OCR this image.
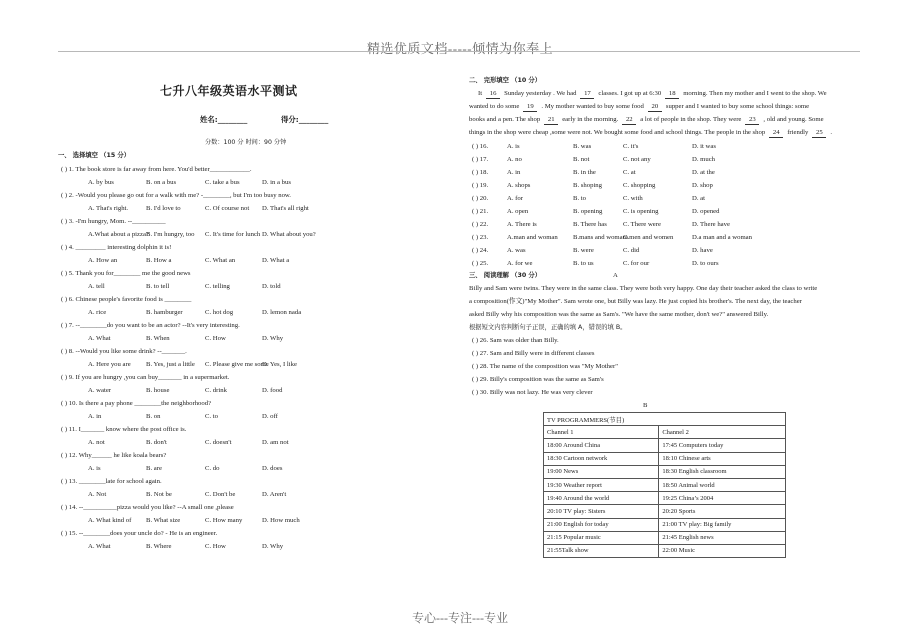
精选优质文档-----倾情为你奉上
七升八年级英语水平测试
姓名:________	得分:________
分数：100 分 时间：90 分钟
一、 选择填空 （15 分）
( ) 1. The book store is far away from here. You'd better____________.
A. by bus	B. on a bus	C. take a bus	D. in a bus
( ) 2. -Would you please go out for a walk with me? -________, but I'm too busy now.
A. That's right.	B. I'd love to	C. Of course not D. That's all right
( ) 3. -I'm hungry, Mom. --__________
A.What about a pizza?
B. I'm hungry, too C. It's time for lunch D. What about you?
( ) 4. _________ interesting dolphin it is!
A. How an	B. How a	C. What an	D. What a
( ) 5. Thank you for________ me the good news
A. tell	B. to tell	C. telling	D. told
( ) 6. Chinese people's favorite food is ________
A. rice	B. hamburger	C. hot dog	D. lemon nada
( ) 7. --________do you want to be an actor? --It's very interesting.
A. What	B. When	C. How	D. Why
( ) 8. --Would you like some drink? --_______.
A. Here you are B. Yes, just a little C. Please give me some
D. Yes, I like
( ) 9. If you are hungry ,you can buy_______ in a supermarket.
A. water	B. house	C. drink	D. food
( ) 10. Is there a pay phone ________the neighborhood?
A. in	B. on	C. to	D. off
( ) 11. I_______ know where the post office is.
A. not	B. don't	C. doesn't	D. am not
( ) 12. Why______ he like koala bears?
A. is	B. are	C. do	D. does
( ) 13. ________late for school again.
A. Not	B. Not be	C. Don't be	D. Aren't
( ) 14. --__________pizza would you like? --A small one ,please
A. What kind of B. What size	C. How many	D. How much
( ) 15. --________does your uncle do? - He is an engineer.
A. What	B. Where	C. How	D. Why
二、 完形填空 （10 分）
It 16 Sunday yesterday . We had 17 classes. I got up at 6:30 18 morning. Then my mother and I went to the shop. We
wanted to do some 19 . My mother wanted to buy some food 20 supper and I wanted to buy some school things: some
books and a pen. The shop 21 early in the morning. 22 a lot of people in the shop. They were 23 , old and young. Some
things in the shop were cheap ,some were not. We bought some food and school things. The people in the shop 24 friendly 25 .
( ) 16.	A. is	B. was	C. it's	D. it was
( ) 17.	A. no	B. not	C. not any	D. much
( ) 18.	A. in	B. in the	C. at	D. at the
( ) 19.	A. shops	B. shoping	C. shopping	D. shop
( ) 20.	A. for	B. to	C. with	D. at
( ) 21.	A. open	B. opening	C. is opening	D. opened
( ) 22.	A. There is	B. There has C. There were	D. There have
( ) 23.	A.man and woman B.mans and womans
C.men and women	D.a man and a woman
( ) 24.	A. was	B. were	C. did	D. have
( ) 25.	A. for we	B. to us	C. for our	D. to ours
三、 阅读理解 （30 分）	A
Billy and Sam were twins. They were in the same class. They were both very happy. One day their teacher asked the class to write
a composition(作文)"My Mother". Sam wrote one, but Billy was lazy. He just copied his brother's. The next day, the teacher
asked Billy why his composition was the same as Sam's. "We have the same mother, don't we?" answered Billy.
根据短文内容判断句子正误，正确的填 A，错误的填 B。
( ) 26. Sam was older than Billy.
( ) 27. Sam and Billy were in different classes
( ) 28. The name of the composition was "My Mother"
( ) 29. Billy's composition was the same as Sam's
( ) 30. Billy was not lazy. He was very clever
B
TV PROGRAMMERS(节目)	
Channel 1	Channel 2
18:00 Around China	17:45 Computers today
18:30 Cartoon network	18:10 Chinese arts
19:00 News	18:30 English classroom
19:30 Weather report	18:50 Animal world
19:40 Around the world	19:25 China’s 2004
20:10 TV play: Sisters	20:20 Sports
21:00 English for today	21:00 TV play: Big family
21:15 Popular music	21:45 English news
21:55Talk show	22:00 Music
专心---专注---专业
